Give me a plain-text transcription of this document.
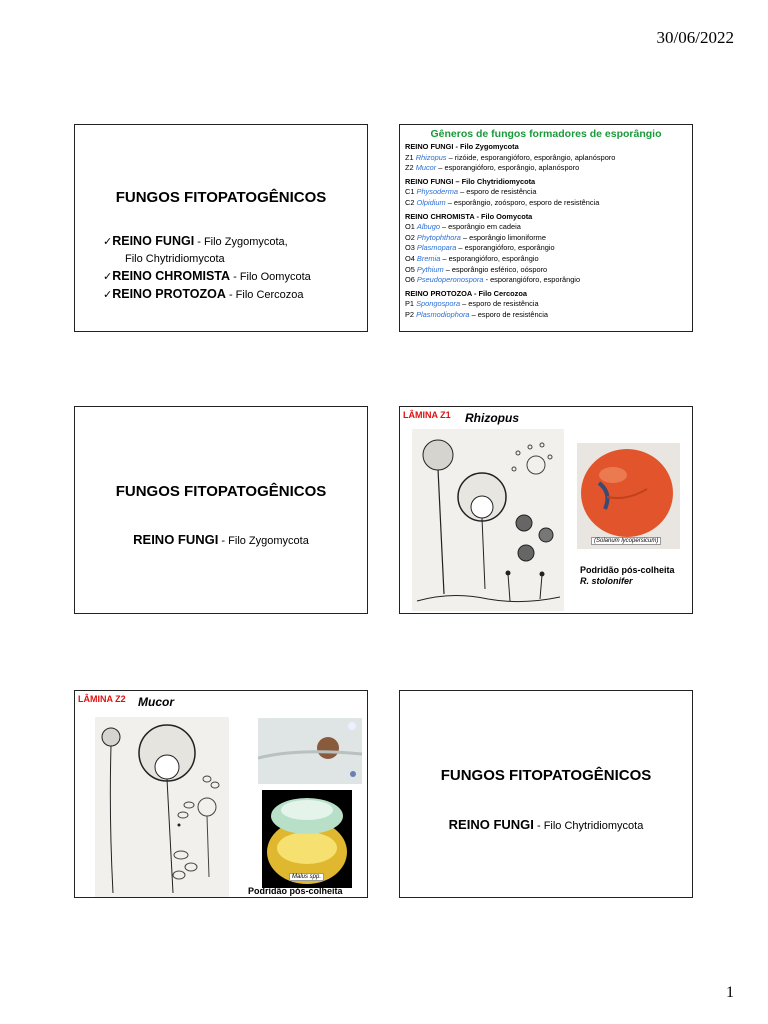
30/06/2022
FUNGOS FITOPATOGÊNICOS
✓REINO FUNGI - Filo Zygomycota,
Filo Chytridiomycota
✓REINO CHROMISTA - Filo Oomycota
✓REINO PROTOZOA - Filo Cercozoa
Gêneros de fungos formadores de esporângio
REINO FUNGI - Filo Zygomycota
Z1 Rhizopus – rizóide, esporangióforo, esporângio, aplanósporo
Z2 Mucor – esporangióforo, esporângio, aplanósporo
REINO FUNGI – Filo Chytridiomycota
C1 Physoderma – esporo de resistência
C2 Olpidium – esporângio, zoósporo, esporo de resistência
REINO CHROMISTA - Filo Oomycota
O1 Albugo – esporângio em cadeia
O2 Phytophthora – esporângio limoniforme
O3 Plasmopara – esporangióforo, esporângio
O4 Bremia – esporangióforo, esporângio
O5 Pythium – esporângio esférico, oósporo
O6 Pseudoperonospora - esporangióforo, esporângio
REINO PROTOZOA - Filo Cercozoa
P1 Spongospora – esporo de resistência
P2 Plasmodiophora – esporo de resistência
FUNGOS FITOPATOGÊNICOS
REINO FUNGI - Filo Zygomycota
LÂMINA Z1 Rhizopus
(Solanum lycopersicum)
Podridão pós-colheita
R. stolonifer
LÂMINA Z2 Mucor
Malus spp.
Podridão pós-colheita
FUNGOS FITOPATOGÊNICOS
REINO FUNGI - Filo Chytridiomycota
1
